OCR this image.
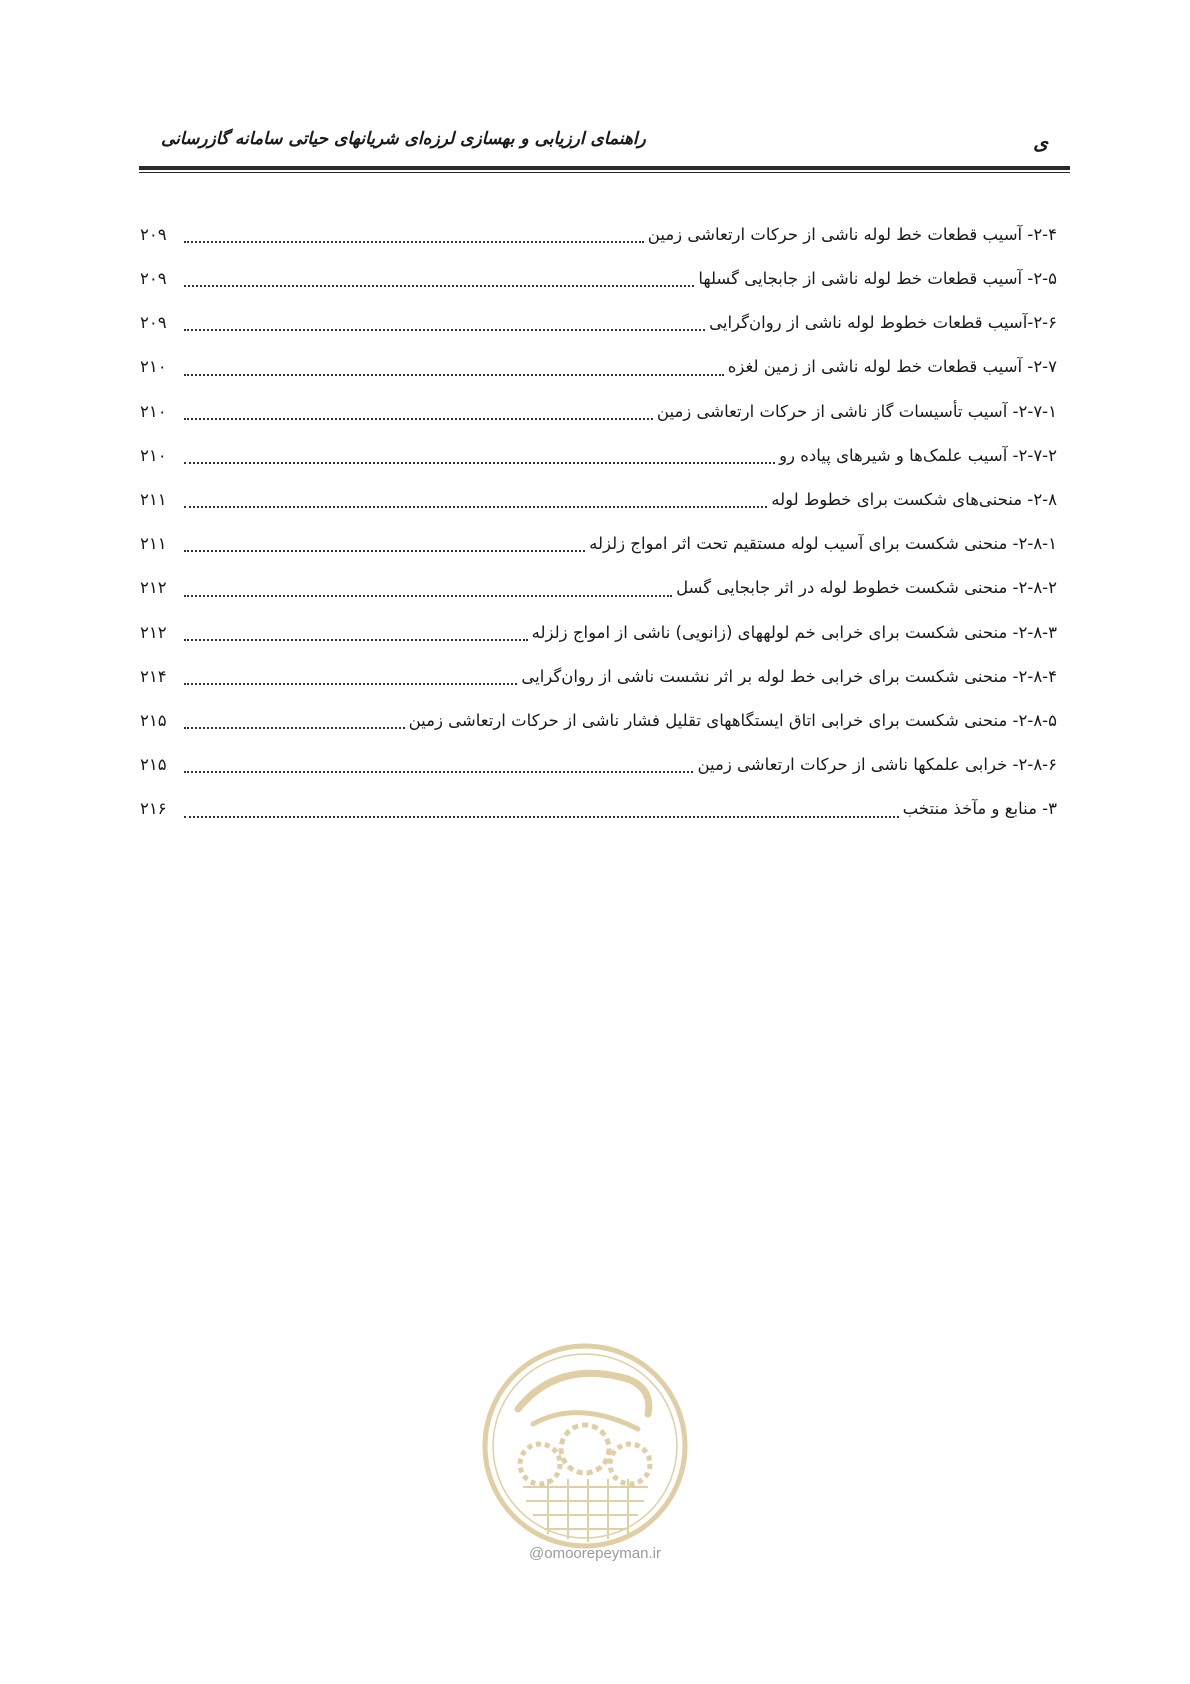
ی
راهنمای ارزیابی و بهسازی لرزه‌ای شریانهای حیاتی سامانه گازرسانی
۲-۴- آسیب قطعات خط لوله ناشی از حرکات ارتعاشی زمین
۲۰۹
۲-۵- آسیب قطعات خط لوله ناشی از جابجایی گسلها
۲۰۹
۲-۶-آسیب قطعات خطوط لوله ناشی از روان‌گرایی
۲۰۹
۲-۷- آسیب قطعات خط لوله ناشی از زمین لغزه
۲۱۰
۲-۷-۱- آسیب تأسیسات گاز ناشی از حرکات ارتعاشی زمین
۲۱۰
۲-۷-۲- آسیب علمک‌ها و شیرهای پیاده رو
۲۱۰
۲-۸- منحنی‌های شکست برای خطوط لوله
۲۱۱
۲-۸-۱- منحنی شکست برای آسیب لوله مستقیم تحت اثر امواج زلزله
۲۱۱
۲-۸-۲- منحنی شکست خطوط لوله در اثر جابجایی گسل
۲۱۲
۲-۸-۳- منحنی شکست برای خرابی خم لولههای (زانویی) ناشی از امواج زلزله
۲۱۲
۲-۸-۴- منحنی شکست برای خرابی خط لوله بر اثر نشست ناشی از روان‌گرایی
۲۱۴
۲-۸-۵- منحنی شکست برای خرابی اتاق ایستگاههای تقلیل فشار ناشی از حرکات ارتعاشی زمین
۲۱۵
۲-۸-۶- خرابی علمکها ناشی از حرکات ارتعاشی زمین
۲۱۵
۳- منابع و مآخذ منتخب
۲۱۶
@omoorepeyman.ir
